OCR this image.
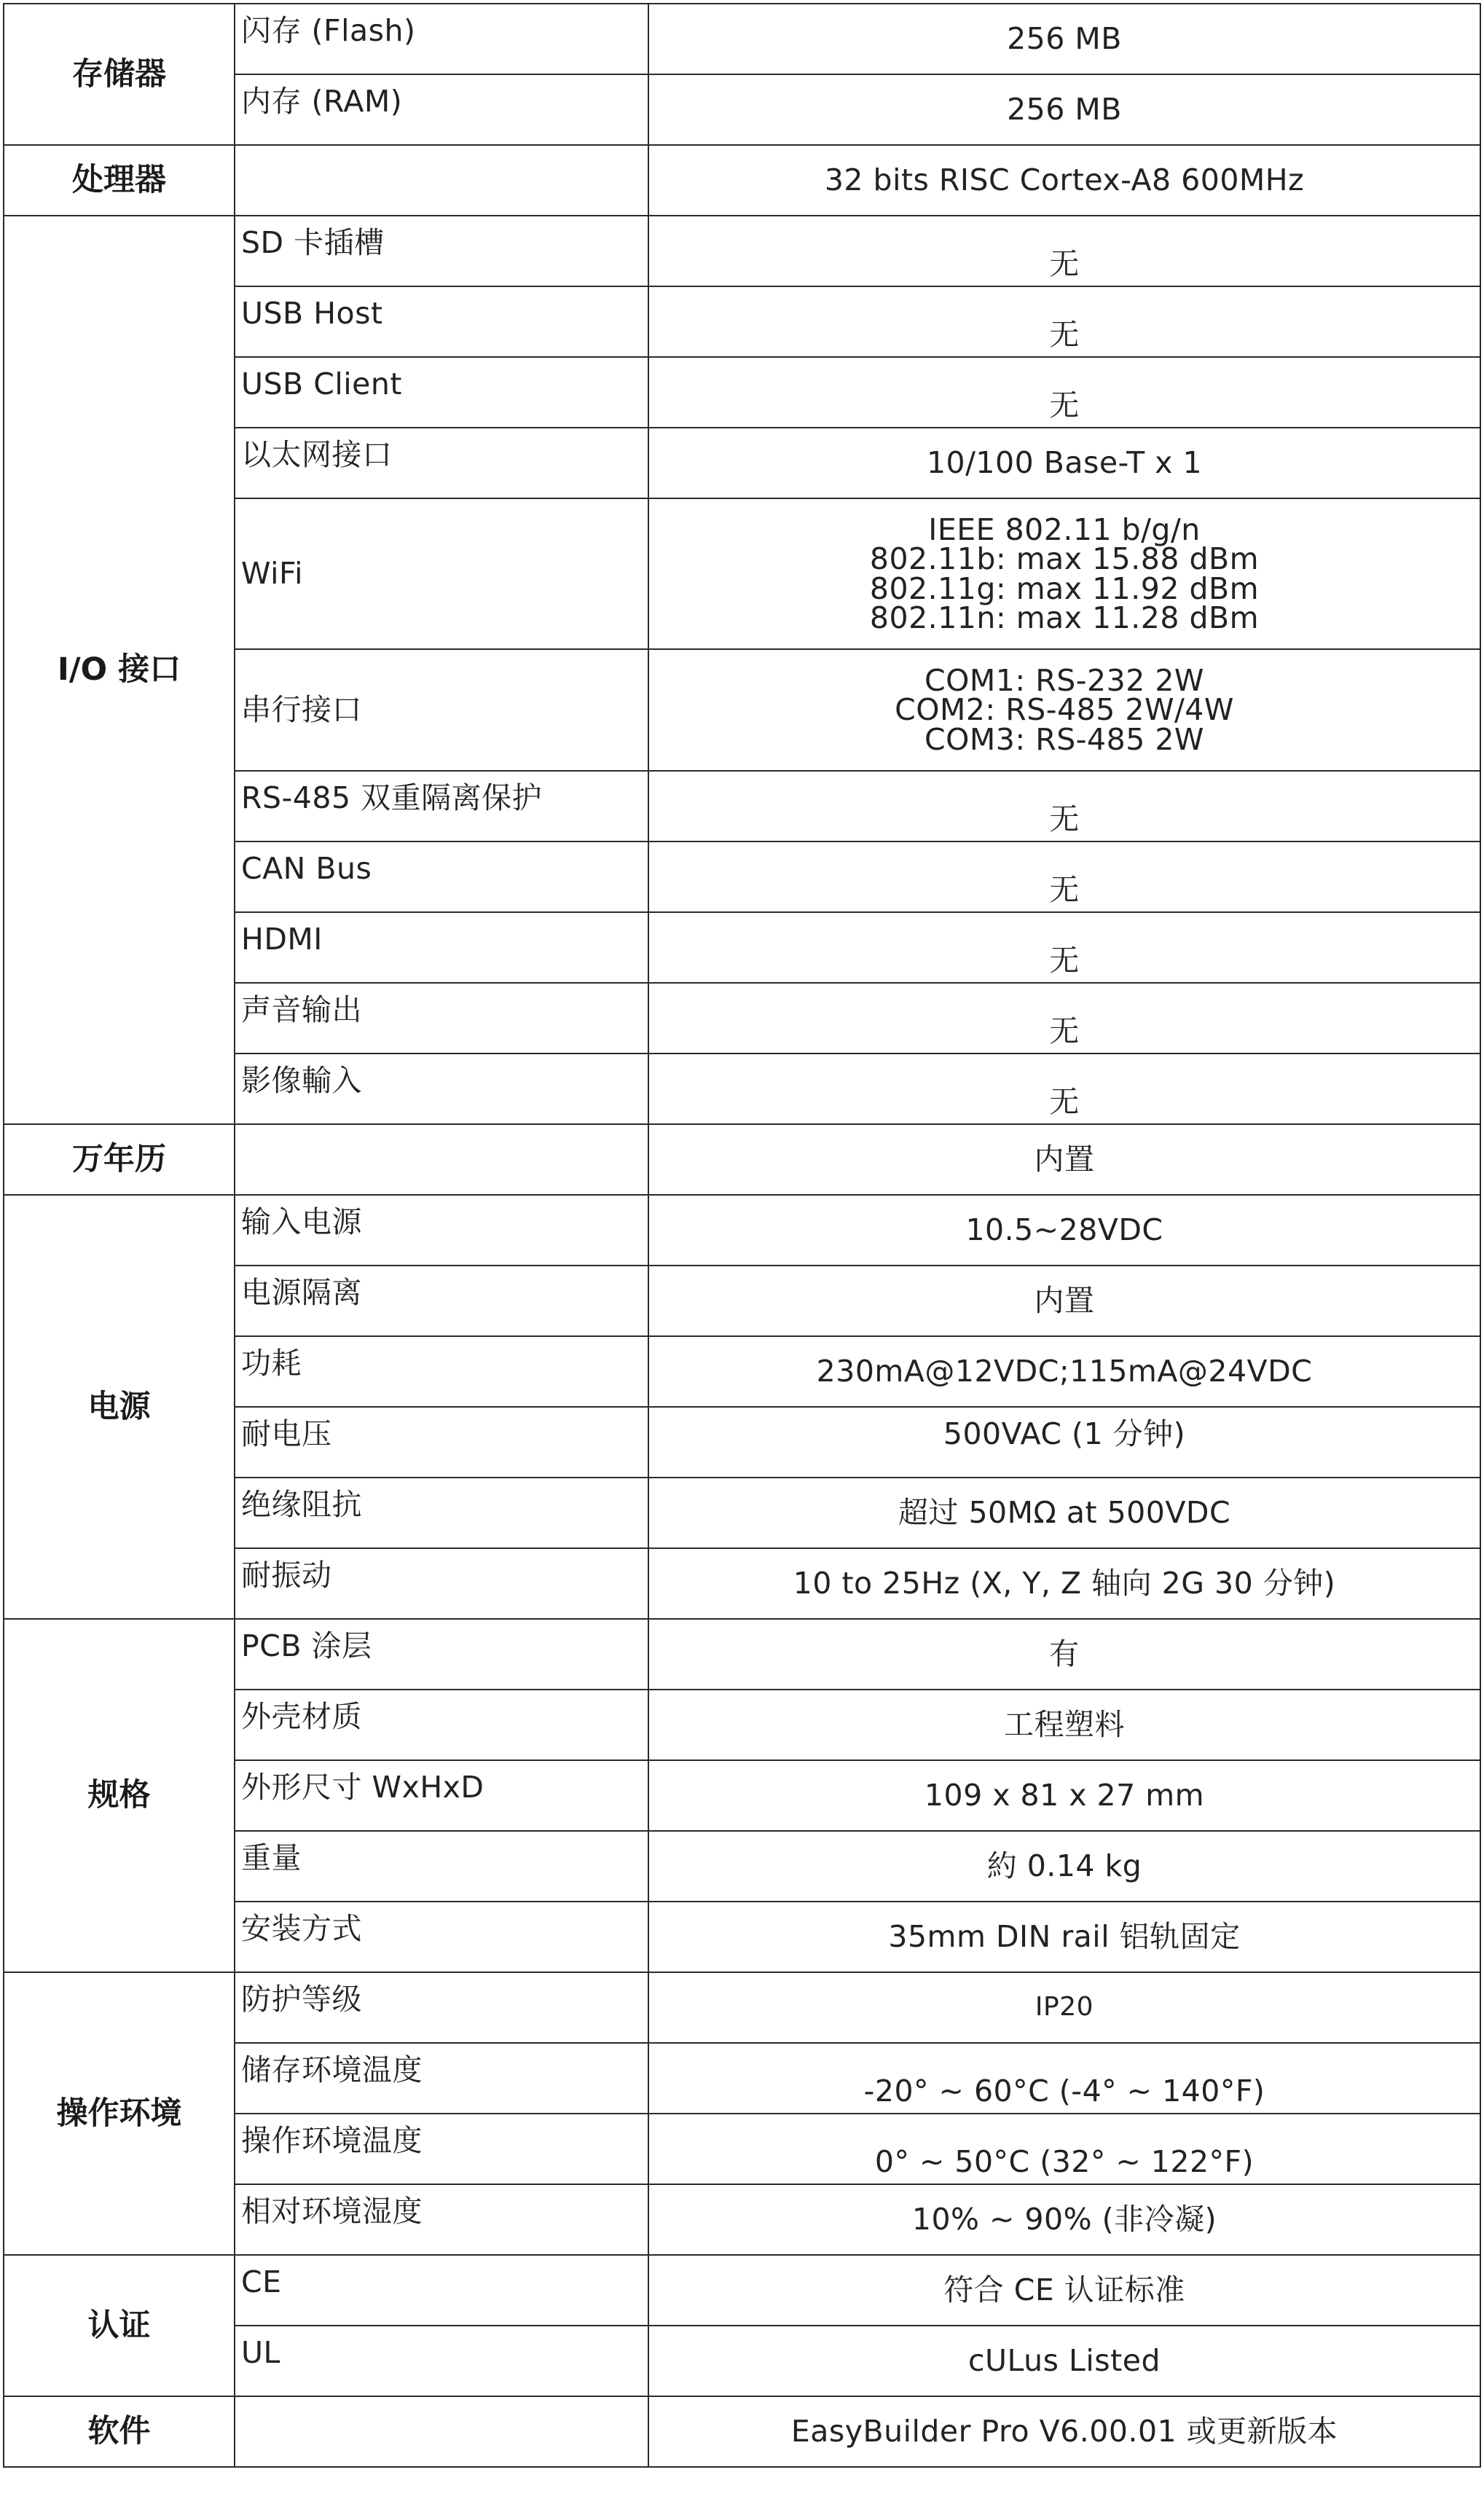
存储器	闪存 (Flash)	256 MB

	内存 (RAM)	256 MB

处理器		32 bits RISC Cortex-A8 600MHz

I/O 接口	SD 卡插槽	无

	USB Host	无

	USB Client	无

	以太网接口	10/100 Base-T x 1

	WiFi	IEEE 802.11 b/g/n
802.11b: max 15.88 dBm
802.11g: max 11.92 dBm
802.11n: max 11.28 dBm

	串行接口	COM1: RS-232 2W
COM2: RS-485 2W/4W
COM3: RS-485 2W

	RS-485 双重隔离保护	无

	CAN Bus	无

	HDMI	无

	声音输出	无

	影像輸入	无

万年历		内置

电源	输入电源	10.5~28VDC

	电源隔离	内置

	功耗	230mA@12VDC;115mA@24VDC

	耐电压	500VAC (1 分钟)

	绝缘阻抗	超过 50MΩ at 500VDC

	耐振动	10 to 25Hz (X, Y, Z 轴向 2G 30 分钟)

规格	PCB 涂层	有

	外壳材质	工程塑料

	外形尺寸 WxHxD	109 x 81 x 27 mm

	重量	約 0.14 kg

	安装方式	35mm DIN rail 铝轨固定

操作环境	防护等级	IP20

	储存环境温度	-20° ~ 60°C (-4° ~ 140°F)

	操作环境温度	0° ~ 50°C (32° ~ 122°F)

	相对环境湿度	10% ~ 90% (非冷凝)

认证	CE	符合 CE 认证标准

	UL	cULus Listed

软件		EasyBuilder Pro V6.00.01 或更新版本
